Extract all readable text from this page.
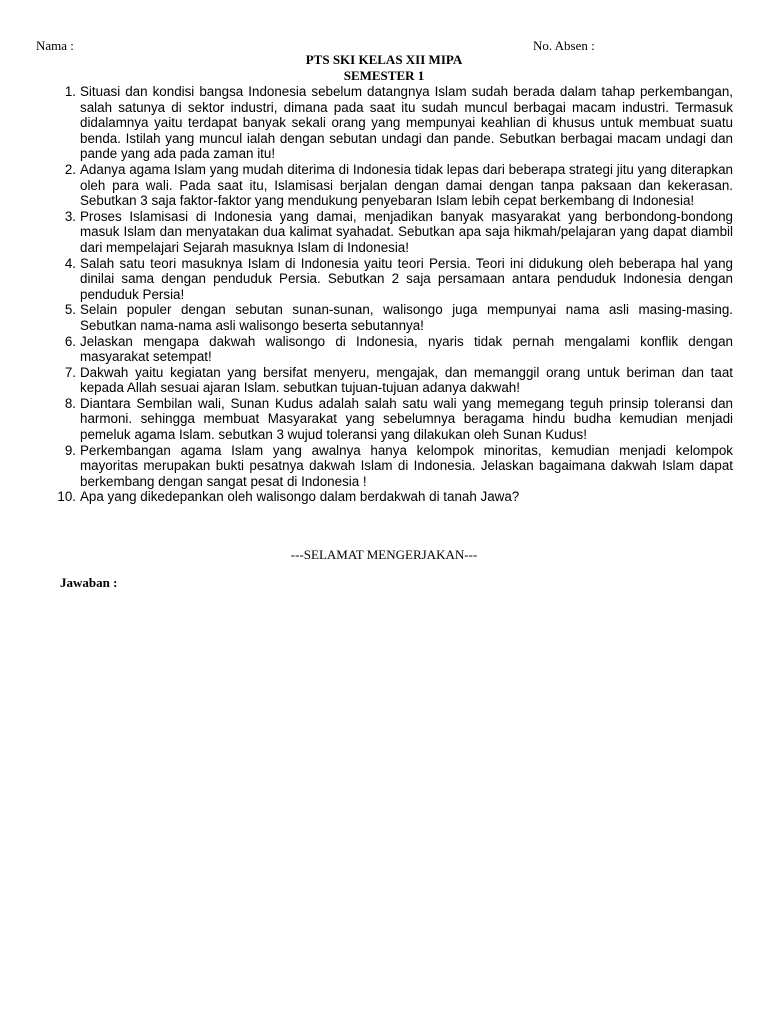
Nama :	No. Absen :
PTS SKI KELAS XII MIPA
SEMESTER 1
1. Situasi dan kondisi bangsa Indonesia sebelum datangnya Islam sudah berada dalam tahap perkembangan, salah satunya di sektor industri, dimana pada saat itu sudah muncul berbagai macam industri. Termasuk didalamnya yaitu terdapat banyak sekali orang yang mempunyai keahlian di khusus untuk membuat suatu benda. Istilah yang muncul ialah dengan sebutan undagi dan pande. Sebutkan berbagai macam undagi dan pande yang ada pada zaman itu!
2. Adanya agama Islam yang mudah diterima di Indonesia tidak lepas dari beberapa strategi jitu yang diterapkan oleh para wali. Pada saat itu, Islamisasi berjalan dengan damai dengan tanpa paksaan dan kekerasan. Sebutkan 3 saja faktor-faktor yang mendukung penyebaran Islam lebih cepat berkembang di Indonesia!
3. Proses Islamisasi di Indonesia yang damai, menjadikan banyak masyarakat yang berbondong-bondong masuk Islam dan menyatakan dua kalimat syahadat. Sebutkan apa saja hikmah/pelajaran yang dapat diambil dari mempelajari Sejarah masuknya Islam di Indonesia!
4. Salah satu teori masuknya Islam di Indonesia yaitu teori Persia. Teori ini didukung oleh beberapa hal yang dinilai sama dengan penduduk Persia. Sebutkan 2 saja persamaan antara penduduk Indonesia dengan penduduk Persia!
5. Selain populer dengan sebutan sunan-sunan, walisongo juga mempunyai nama asli masing-masing. Sebutkan nama-nama asli walisongo beserta sebutannya!
6. Jelaskan mengapa dakwah walisongo di Indonesia, nyaris tidak pernah mengalami konflik dengan masyarakat setempat!
7. Dakwah yaitu kegiatan yang bersifat menyeru, mengajak, dan memanggil orang untuk beriman dan taat kepada Allah sesuai ajaran Islam. sebutkan tujuan-tujuan adanya dakwah!
8. Diantara Sembilan wali, Sunan Kudus adalah salah satu wali yang memegang teguh prinsip toleransi dan harmoni. sehingga membuat Masyarakat yang sebelumnya beragama hindu budha kemudian menjadi pemeluk agama Islam. sebutkan 3 wujud toleransi yang dilakukan oleh Sunan Kudus!
9. Perkembangan agama Islam yang awalnya hanya kelompok minoritas, kemudian menjadi kelompok mayoritas merupakan bukti pesatnya dakwah Islam di Indonesia. Jelaskan bagaimana dakwah Islam dapat berkembang dengan sangat pesat di Indonesia !
10. Apa yang dikedepankan oleh walisongo dalam berdakwah di tanah Jawa?
---SELAMAT MENGERJAKAN---
Jawaban :
